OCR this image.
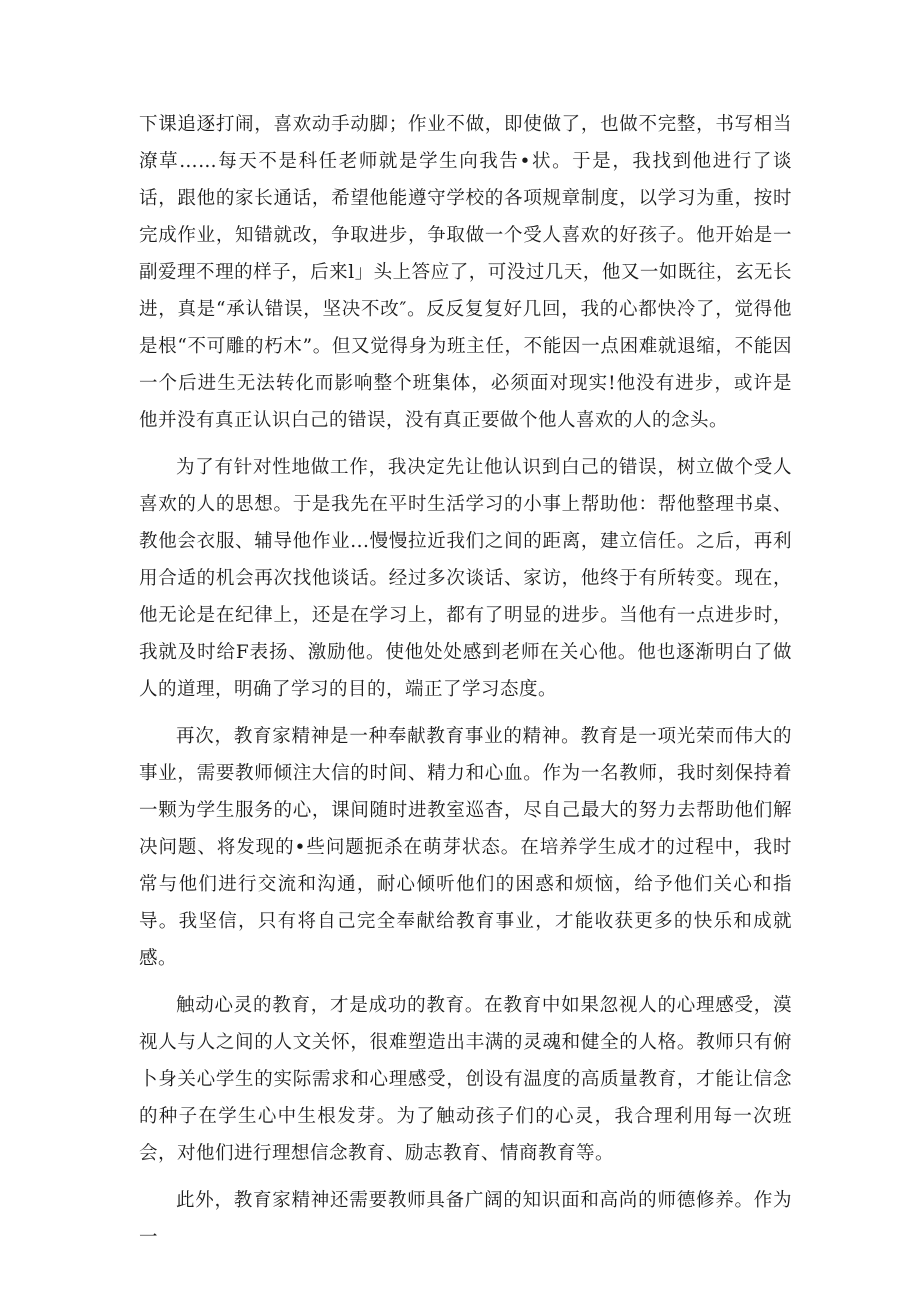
下课追逐打闹，喜欢动手动脚；作业不做，即使做了，也做不完整，书写相当潦草……每天不是科任老师就是学生向我告•状。于是，我找到他进行了谈话，跟他的家长通话，希望他能遵守学校的各项规章制度，以学习为重，按时完成作业，知错就改，争取进步，争取做一个受人喜欢的好孩子。他开始是一副爱理不理的样子，后来l」头上答应了，可没过几天，他又一如既往，玄无长进，真是“承认错误，坚决不改″。反反复复好几回，我的心都快冷了，觉得他是根“不可雕的朽木”。但又觉得身为班主任，不能因一点困难就退缩，不能因一个后进生无法转化而影响整个班集体，必须面对现实!他没有进步，或许是他并没有真正认识白己的错误，没有真正要做个他人喜欢的人的念头。

为了有针对性地做工作，我决定先让他认识到白己的错误，树立做个受人喜欢的人的思想。于是我先在平时生活学习的小事上帮助他：帮他整理书桌、教他会衣服、辅导他作业...慢慢拉近我们之间的距离，建立信任。之后，再利用合适的机会再次找他谈话。经过多次谈话、家访，他终于有所转变。现在，他无论是在纪律上，还是在学习上，都有了明显的进步。当他有一点进步时，我就及时给F表扬、激励他。使他处处感到老师在关心他。他也逐渐明白了做人的道理，明确了学习的目的，端正了学习态度。

再次，教育家精神是一种奉献教育事业的精神。教育是一项光荣而伟大的事业，需要教师倾注大信的时间、精力和心血。作为一名教师，我时刻保持着一颗为学生服务的心，课间随时进教室巡杳，尽自己最大的努力去帮助他们解决问题、将发现的•些问题扼杀在萌芽状态。在培养学生成才的过程中，我时常与他们进行交流和沟通，耐心倾听他们的困惑和烦恼，给予他们关心和指导。我坚信，只有将自己完全奉献给教育事业，才能收获更多的快乐和成就感。

触动心灵的教育，才是成功的教育。在教育中如果忽视人的心理感受，漠视人与人之间的人文关怀，很难塑造出丰满的灵魂和健全的人格。教师只有俯卜身关心学生的实际需求和心理感受，创设有温度的高质量教育，才能让信念的种子在学生心中生根发芽。为了触动孩子们的心灵，我合理利用每一次班会，对他们进行理想信念教育、励志教育、情商教育等。

此外，教育家精神还需要教师具备广阔的知识面和高尚的师德修养。作为一
